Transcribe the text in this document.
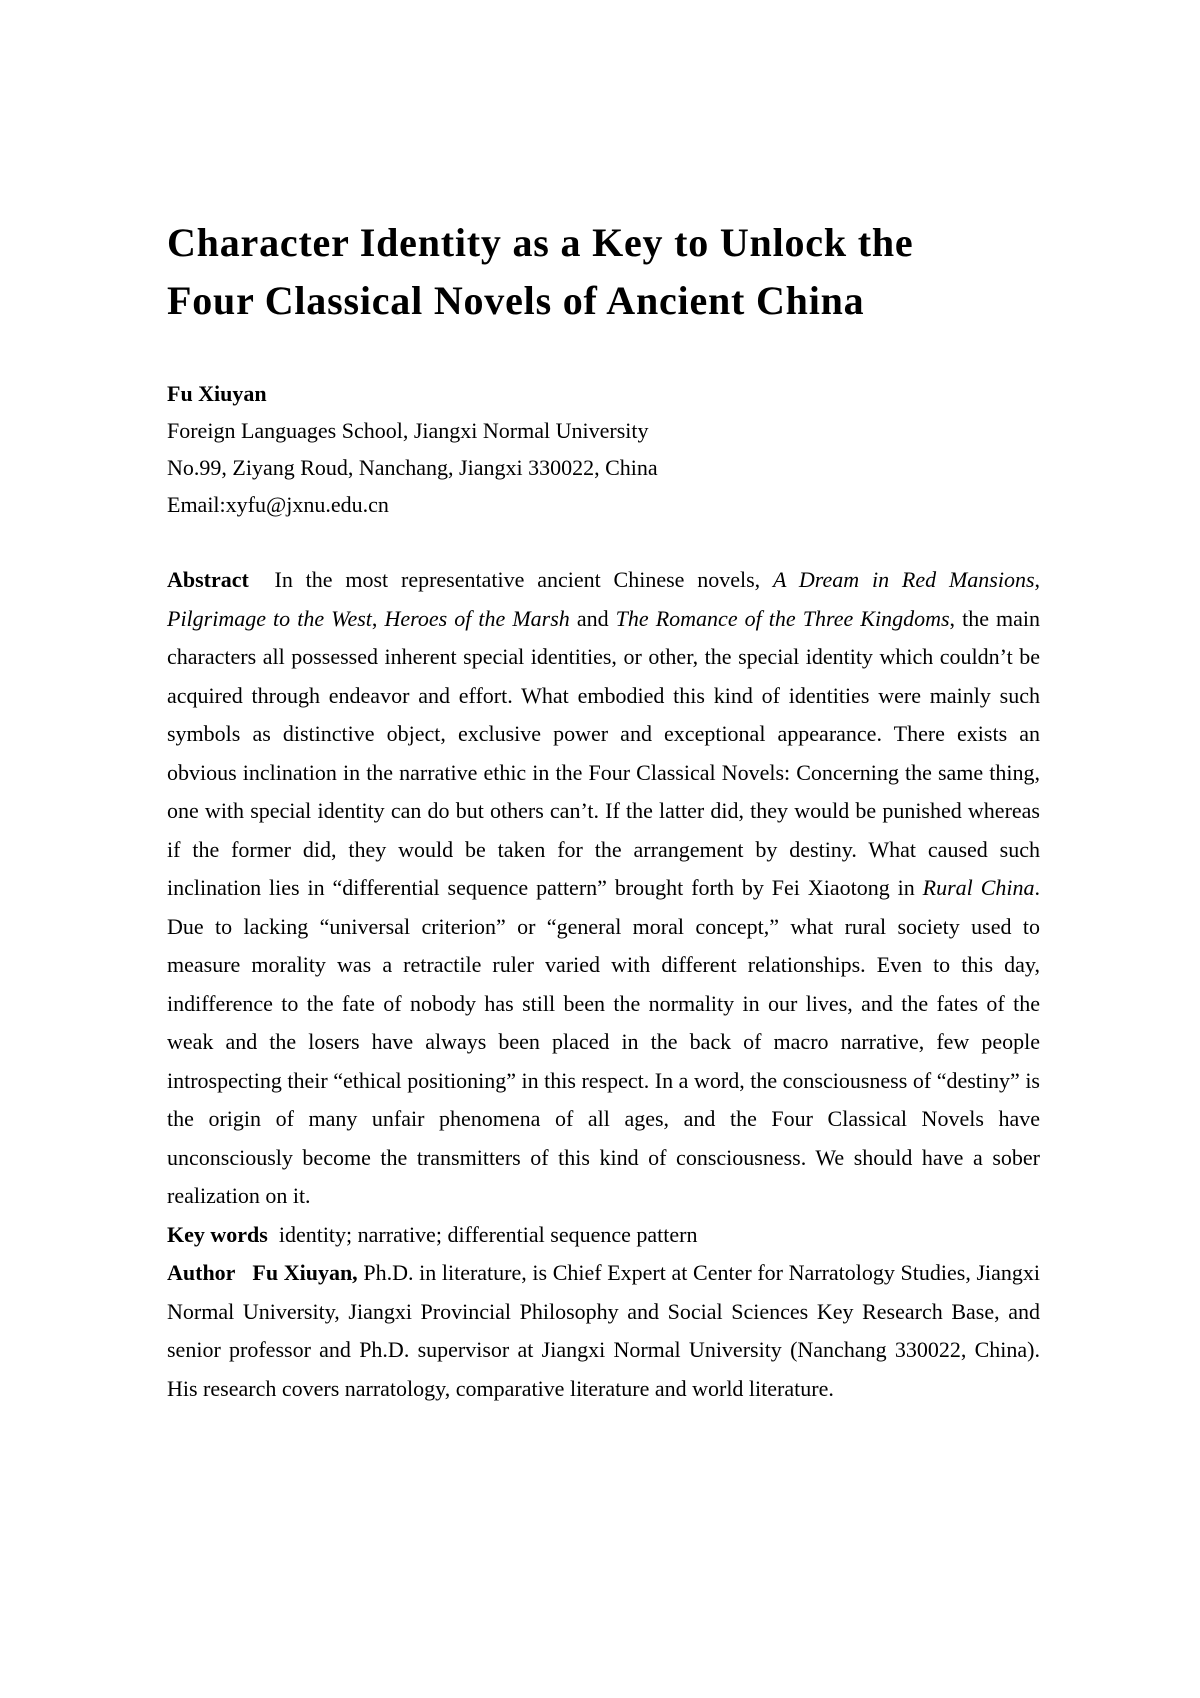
Character Identity as a Key to Unlock the
Four Classical Novels of Ancient China
Fu Xiuyan
Foreign Languages School, Jiangxi Normal University
No.99, Ziyang Roud, Nanchang, Jiangxi 330022, China
Email:xyfu@jxnu.edu.cn

Abstract In the most representative ancient Chinese novels, A Dream in Red Mansions, Pilgrimage to the West, Heroes of the Marsh and The Romance of the Three Kingdoms, the main characters all possessed inherent special identities, or other, the special identity which couldn’t be acquired through endeavor and effort. What embodied this kind of identities were mainly such symbols as distinctive object, exclusive power and exceptional appearance. There exists an obvious inclination in the narrative ethic in the Four Classical Novels: Concerning the same thing, one with special identity can do but others can’t. If the latter did, they would be punished whereas if the former did, they would be taken for the arrangement by destiny. What caused such inclination lies in “differential sequence pattern” brought forth by Fei Xiaotong in Rural China. Due to lacking “universal criterion” or “general moral concept,” what rural society used to measure morality was a retractile ruler varied with different relationships. Even to this day, indifference to the fate of nobody has still been the normality in our lives, and the fates of the weak and the losers have always been placed in the back of macro narrative, few people introspecting their “ethical positioning” in this respect. In a word, the consciousness of “destiny” is the origin of many unfair phenomena of all ages, and the Four Classical Novels have unconsciously become the transmitters of this kind of consciousness. We should have a sober realization on it.

Key words identity; narrative; differential sequence pattern

Author Fu Xiuyan, Ph.D. in literature, is Chief Expert at Center for Narratology Studies, Jiangxi Normal University, Jiangxi Provincial Philosophy and Social Sciences Key Research Base, and senior professor and Ph.D. supervisor at Jiangxi Normal University (Nanchang 330022, China). His research covers narratology, comparative literature and world literature.
